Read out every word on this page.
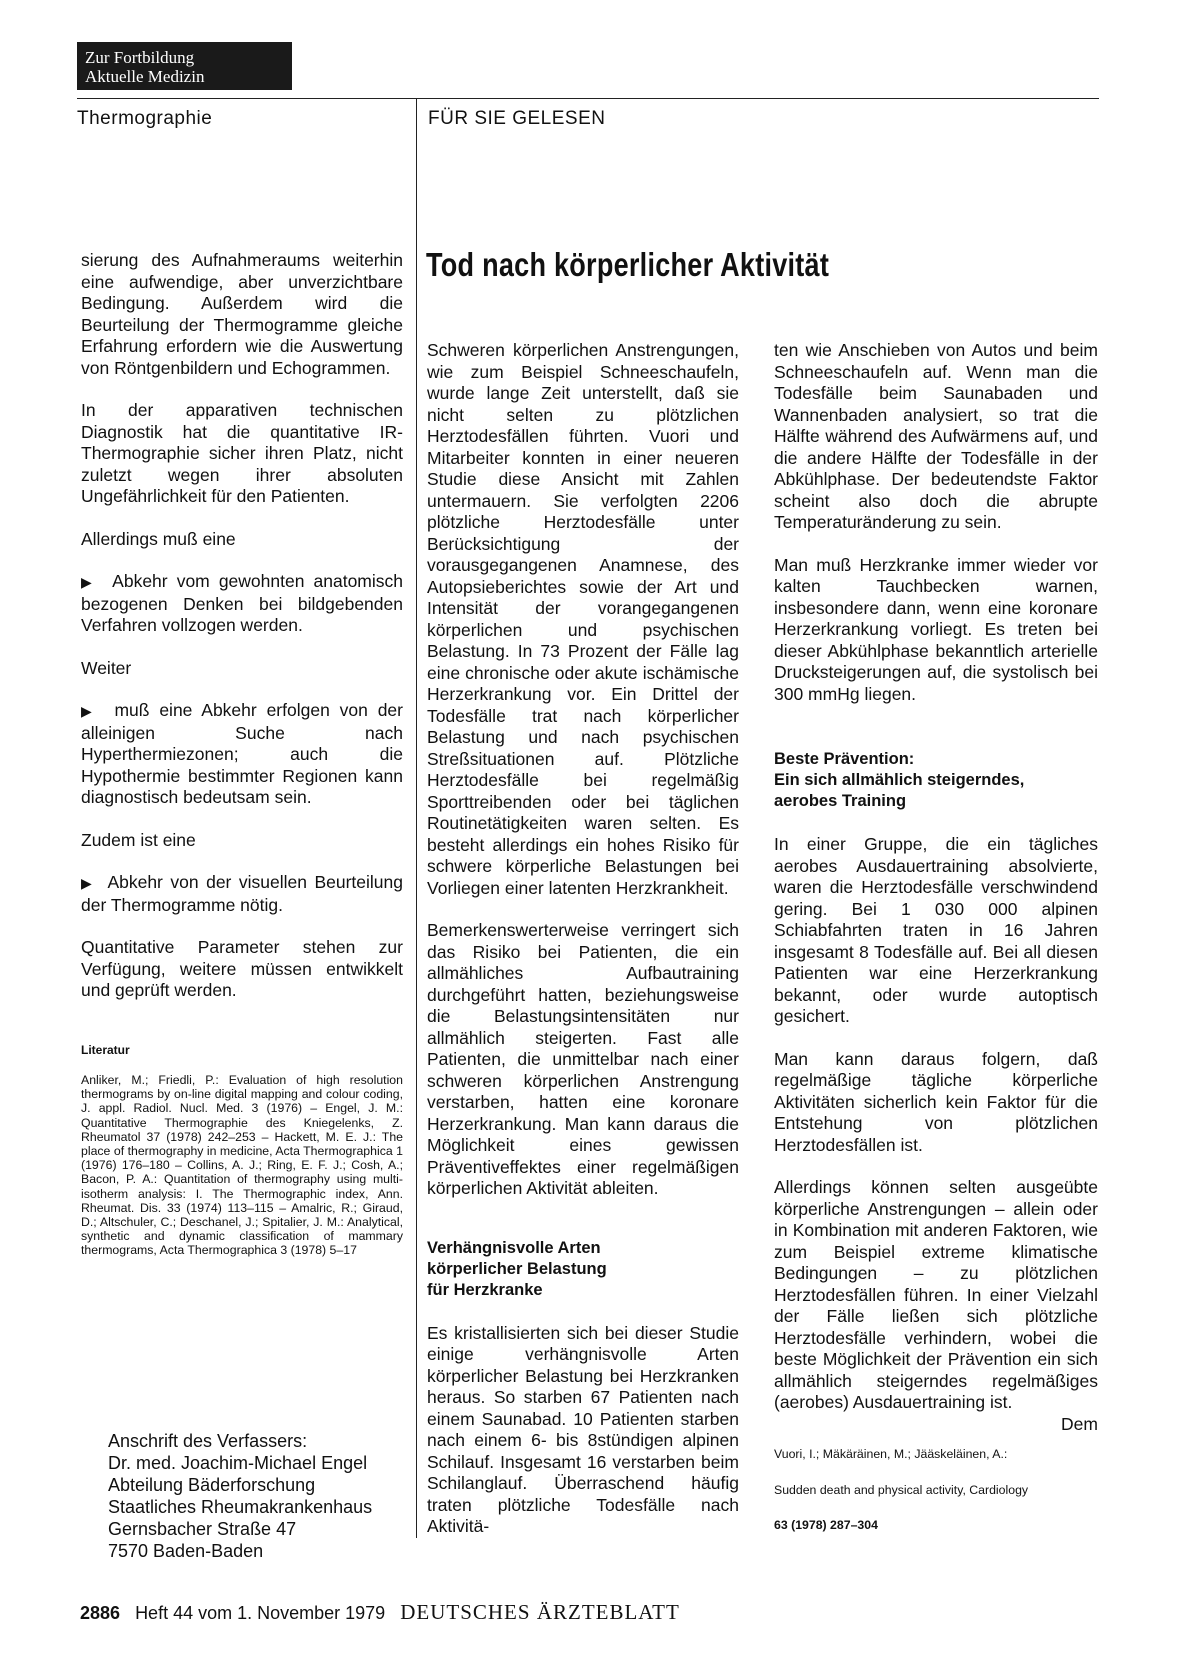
Zur Fortbildung
Aktuelle Medizin
Thermographie	FÜR SIE GELESEN
Tod nach körperlicher Aktivität

sierung des Aufnahmeraums weiterhin eine aufwendige, aber unverzichtbare Bedingung. Außerdem wird die Beurteilung der Thermogramme gleiche Erfahrung erfordern wie die Auswertung von Röntgenbildern und Echogrammen.

In der apparativen technischen Diagnostik hat die quantitative IR-Thermographie sicher ihren Platz, nicht zuletzt wegen ihrer absoluten Ungefährlichkeit für den Patienten.

Allerdings muß eine

▶  Abkehr vom gewohnten anatomisch bezogenen Denken bei bildgebenden Verfahren vollzogen werden.

Weiter

▶  muß eine Abkehr erfolgen von der alleinigen Suche nach Hyperthermiezonen; auch die Hypothermie bestimmter Regionen kann diagnostisch bedeutsam sein.

Zudem ist eine

▶  Abkehr von der visuellen Beurteilung der Thermogramme nötig.

Quantitative Parameter stehen zur Verfügung, weitere müssen entwikkelt und geprüft werden.

Literatur

Anliker, M.; Friedli, P.: Evaluation of high resolution thermograms by on-line digital mapping and colour coding, J. appl. Radiol. Nucl. Med. 3 (1976) – Engel, J. M.: Quantitative Thermographie des Kniegelenks, Z. Rheumatol 37 (1978) 242–253 – Hackett, M. E. J.: The place of thermography in medicine, Acta Thermographica 1 (1976) 176–180 – Collins, A. J.; Ring, E. F. J.; Cosh, A.; Bacon, P. A.: Quantitation of thermography using multi-isotherm analysis: I. The Thermographic index, Ann. Rheumat. Dis. 33 (1974) 113–115 – Amalric, R.; Giraud, D.; Altschuler, C.; Deschanel, J.; Spitalier, J. M.: Analytical, synthetic and dynamic classification of mammary thermograms, Acta Thermographica 3 (1978) 5–17

Anschrift des Verfassers:
Dr. med. Joachim-Michael Engel
Abteilung Bäderforschung
Staatliches Rheumakrankenhaus
Gernsbacher Straße 47
7570 Baden-Baden

Schweren körperlichen Anstrengungen, wie zum Beispiel Schneeschaufeln, wurde lange Zeit unterstellt, daß sie nicht selten zu plötzlichen Herztodesfällen führten. Vuori und Mitarbeiter konnten in einer neueren Studie diese Ansicht mit Zahlen untermauern. Sie verfolgten 2206 plötzliche Herztodesfälle unter Berücksichtigung der vorausgegangenen Anamnese, des Autopsieberichtes sowie der Art und Intensität der vorangegangenen körperlichen und psychischen Belastung. In 73 Prozent der Fälle lag eine chronische oder akute ischämische Herzerkrankung vor. Ein Drittel der Todesfälle trat nach körperlicher Belastung und nach psychischen Streßsituationen auf. Plötzliche Herztodesfälle bei regelmäßig Sporttreibenden oder bei täglichen Routinetätigkeiten waren selten. Es besteht allerdings ein hohes Risiko für schwere körperliche Belastungen bei Vorliegen einer latenten Herzkrankheit.

Bemerkenswerterweise verringert sich das Risiko bei Patienten, die ein allmähliches Aufbautraining durchgeführt hatten, beziehungsweise die Belastungsintensitäten nur allmählich steigerten. Fast alle Patienten, die unmittelbar nach einer schweren körperlichen Anstrengung verstarben, hatten eine koronare Herzerkrankung. Man kann daraus die Möglichkeit eines gewissen Präventiveffektes einer regelmäßigen körperlichen Aktivität ableiten.

Verhängnisvolle Arten
körperlicher Belastung
für Herzkranke

Es kristallisierten sich bei dieser Studie einige verhängnisvolle Arten körperlicher Belastung bei Herzkranken heraus. So starben 67 Patienten nach einem Saunabad. 10 Patienten starben nach einem 6- bis 8stündigen alpinen Schilauf. Insgesamt 16 verstarben beim Schilanglauf. Überraschend häufig traten plötzliche Todesfälle nach Aktivitä-

ten wie Anschieben von Autos und beim Schneeschaufeln auf. Wenn man die Todesfälle beim Saunabaden und Wannenbaden analysiert, so trat die Hälfte während des Aufwärmens auf, und die andere Hälfte der Todesfälle in der Abkühlphase. Der bedeutendste Faktor scheint also doch die abrupte Temperaturänderung zu sein.

Man muß Herzkranke immer wieder vor kalten Tauchbecken warnen, insbesondere dann, wenn eine koronare Herzerkrankung vorliegt. Es treten bei dieser Abkühlphase bekanntlich arterielle Drucksteigerungen auf, die systolisch bei 300 mmHg liegen.

Beste Prävention:
Ein sich allmählich steigerndes,
aerobes Training

In einer Gruppe, die ein tägliches aerobes Ausdauertraining absolvierte, waren die Herztodesfälle verschwindend gering. Bei 1 030 000 alpinen Schiabfahrten traten in 16 Jahren insgesamt 8 Todesfälle auf. Bei all diesen Patienten war eine Herzerkrankung bekannt, oder wurde autoptisch gesichert.

Man kann daraus folgern, daß regelmäßige tägliche körperliche Aktivitäten sicherlich kein Faktor für die Entstehung von plötzlichen Herztodesfällen ist.

Allerdings können selten ausgeübte körperliche Anstrengungen – allein oder in Kombination mit anderen Faktoren, wie zum Beispiel extreme klimatische Bedingungen – zu plötzlichen Herztodesfällen führen. In einer Vielzahl der Fälle ließen sich plötzliche Herztodesfälle verhindern, wobei die beste Möglichkeit der Prävention ein sich allmählich steigerndes regelmäßiges (aerobes) Ausdauertraining ist.

Dem

Vuori, I.; Mäkäräinen, M.; Jääskeläinen, A.:

Sudden death and physical activity, Cardiology

63 (1978) 287–304

2886 Heft 44 vom 1. November 1979 DEUTSCHES ÄRZTEBLATT
